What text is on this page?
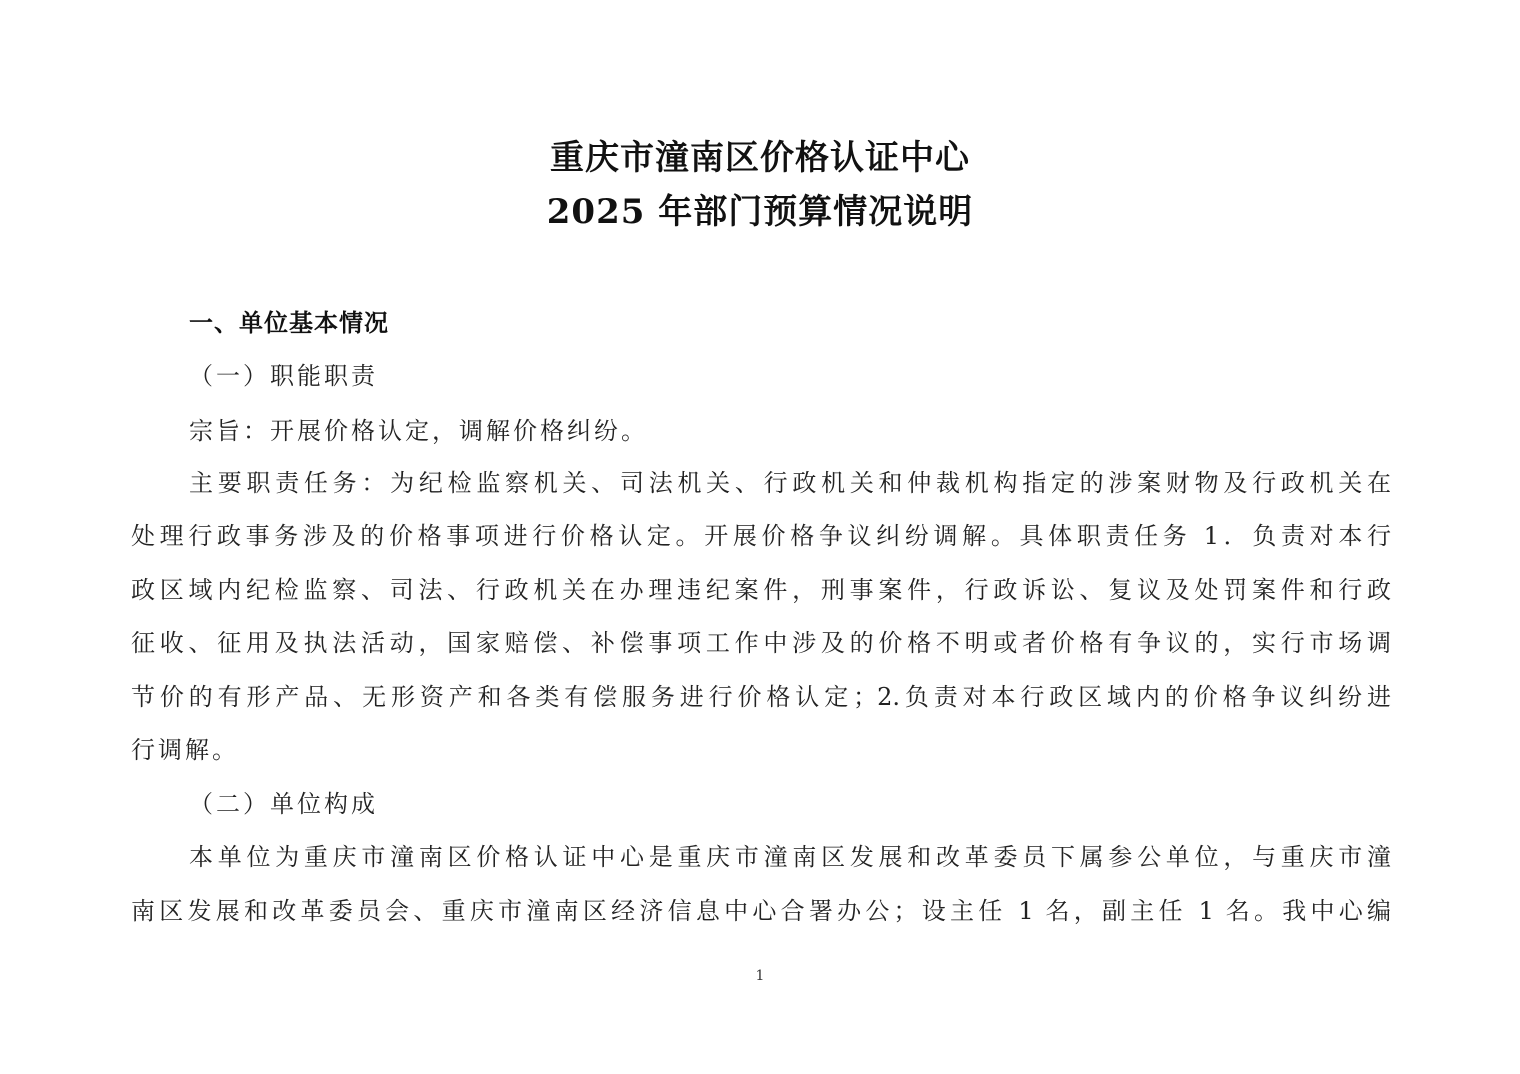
重庆市潼南区价格认证中心
2025 年部门预算情况说明
一、单位基本情况
（一）职能职责
宗旨：开展价格认定，调解价格纠纷。
主要职责任务：为纪检监察机关、司法机关、行政机关和仲裁机构指定的涉案财物及行政机关在
处理行政事务涉及的价格事项进行价格认定。开展价格争议纠纷调解。具体职责任务 1．负责对本行
政区域内纪检监察、司法、行政机关在办理违纪案件，刑事案件，行政诉讼、复议及处罚案件和行政
征收、征用及执法活动，国家赔偿、补偿事项工作中涉及的价格不明或者价格有争议的，实行市场调
节价的有形产品、无形资产和各类有偿服务进行价格认定；2.负责对本行政区域内的价格争议纠纷进
行调解。
（二）单位构成
本单位为重庆市潼南区价格认证中心是重庆市潼南区发展和改革委员下属参公单位，与重庆市潼
南区发展和改革委员会、重庆市潼南区经济信息中心合署办公；设主任 1 名，副主任 1 名。我中心编
1
